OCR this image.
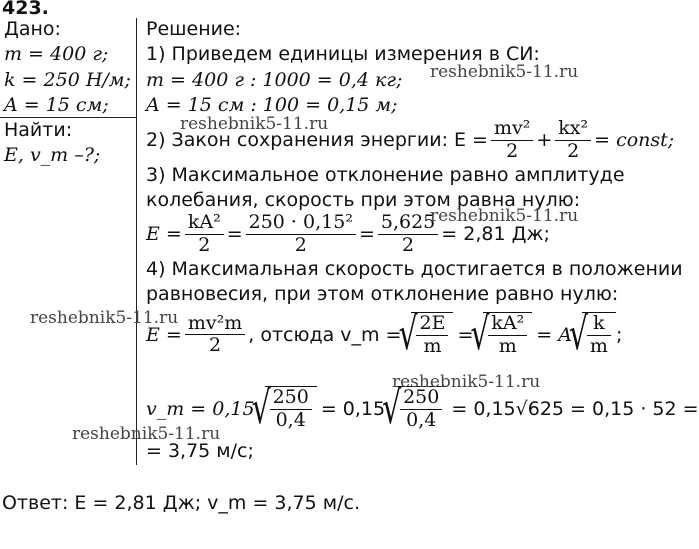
423.
Дано:
m = 400 г;
k = 250 Н/м;
A = 15 см;
Найти:
E, v_m –?;
Решение:
1) Приведем единицы измерения в СИ:
m = 400 г : 1000 = 0,4 кг;
A = 15 см : 100 = 0,15 м;
2) Закон сохранения энергии: $E = \frac{\text{mv²}}{2} + \frac{\text{kx²}}{2}$ = const;
3) Максимальное отклонение равно амплитуде
колебания, скорость при этом равна нулю:
$E = \frac{\text{kA²}}{2} = \frac{\text{250 · 0,15²}}{2} = \frac{5,625}{2} = 2,81$ Дж;
4) Максимальная скорость достигается в положении
равновесия, при этом отклонение равно нулю:
$E = \frac{\text{mv²m}}{2}$ , отсюда v_m = √ $\frac{2E}{m}$ = √ $\frac{\text{kA²}}{m} = A$ √ $\frac{k}{m}$ ;
v_m = 0,15 √ $\frac{250}{0,4} = 0,15$ √ $\frac{250}{0,4} = 0,15√625 = 0,15 \cdot 52$ =
= 3,75 м/с;
Ответ: E = 2,81 Дж; v_m = 3,75 м/с.
reshebnik5-11.ru
reshebnik5-11.ru
reshebnik5-11.ru
reshebnik5-11.ru
reshebnik5-11.ru
reshebnik5-11.ru
